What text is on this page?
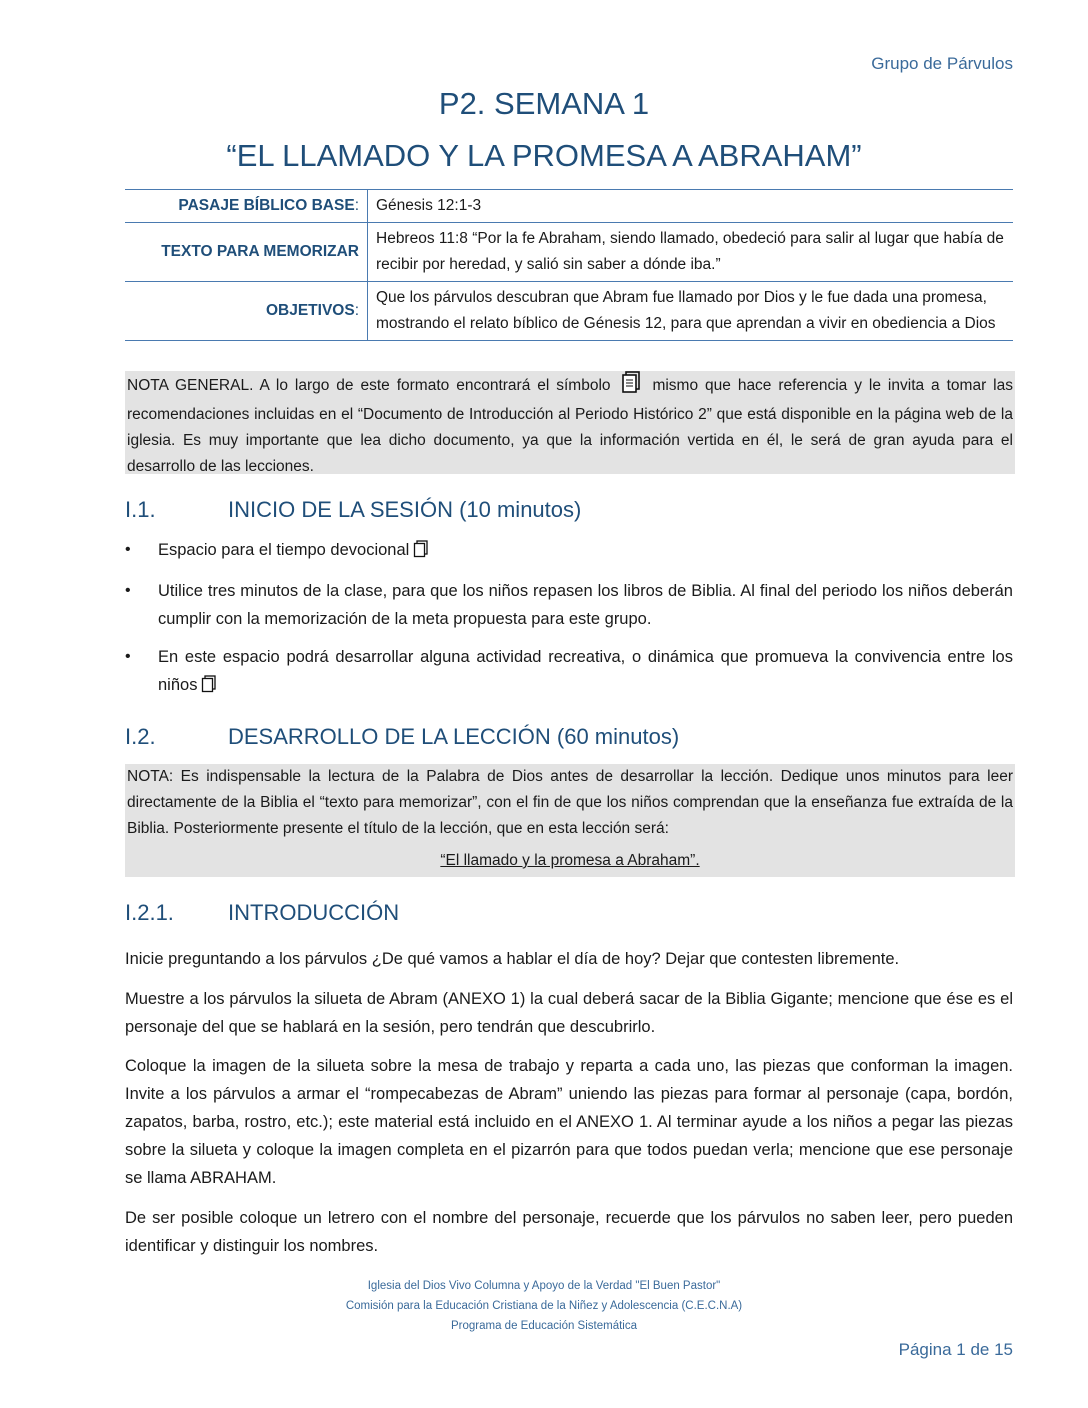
Grupo de Párvulos
P2. SEMANA 1
“EL LLAMADO Y LA PROMESA A ABRAHAM”
PASAJE BÍBLICO BASE:	Génesis 12:1-3
TEXTO PARA MEMORIZAR	Hebreos 11:8 “Por la fe Abraham, siendo llamado, obedeció para salir al lugar que había de recibir por heredad, y salió sin saber a dónde iba.”
OBJETIVOS:	Que los párvulos descubran que Abram fue llamado por Dios y le fue dada una promesa, mostrando el relato bíblico de Génesis 12, para que aprendan a vivir en obediencia a Dios
NOTA GENERAL. A lo largo de este formato encontrará el símbolo	mismo que hace referencia y le invita a tomar las recomendaciones incluidas en el “Documento de Introducción al Periodo Histórico 2” que está disponible en la página web de la iglesia. Es muy importante que lea dicho documento, ya que la información vertida en él, le será de gran ayuda para el desarrollo de las lecciones.
I.1.	INICIO DE LA SESIÓN (10 minutos)
• Espacio para el tiempo devocional
• Utilice tres minutos de la clase, para que los niños repasen los libros de Biblia. Al final del periodo los niños deberán cumplir con la memorización de la meta propuesta para este grupo.
• En este espacio podrá desarrollar alguna actividad recreativa, o dinámica que promueva la convivencia entre los niños
I.2.	DESARROLLO DE LA LECCIÓN (60 minutos)
NOTA: Es indispensable la lectura de la Palabra de Dios antes de desarrollar la lección. Dedique unos minutos para leer directamente de la Biblia el “texto para memorizar”, con el fin de que los niños comprendan que la enseñanza fue extraída de la Biblia. Posteriormente presente el título de la lección, que en esta lección será:
“El llamado y la promesa a Abraham”.
I.2.1. INTRODUCCIÓN

Inicie preguntando a los párvulos ¿De qué vamos a hablar el día de hoy? Dejar que contesten libremente.

Muestre a los párvulos la silueta de Abram (ANEXO 1) la cual deberá sacar de la Biblia Gigante; mencione que ése es el personaje del que se hablará en la sesión, pero tendrán que descubrirlo.

Coloque la imagen de la silueta sobre la mesa de trabajo y reparta a cada uno, las piezas que conforman la imagen. Invite a los párvulos a armar el “rompecabezas de Abram” uniendo las piezas para formar al personaje (capa, bordón, zapatos, barba, rostro, etc.); este material está incluido en el ANEXO 1. Al terminar ayude a los niños a pegar las piezas sobre la silueta y coloque la imagen completa en el pizarrón para que todos puedan verla; mencione que ese personaje se llama ABRAHAM.

De ser posible coloque un letrero con el nombre del personaje, recuerde que los párvulos no saben leer, pero pueden identificar y distinguir los nombres.

Iglesia del Dios Vivo Columna y Apoyo de la Verdad "El Buen Pastor"
Comisión para la Educación Cristiana de la Niñez y Adolescencia (C.E.C.N.A)
Programa de Educación Sistemática
Página 1 de 15
